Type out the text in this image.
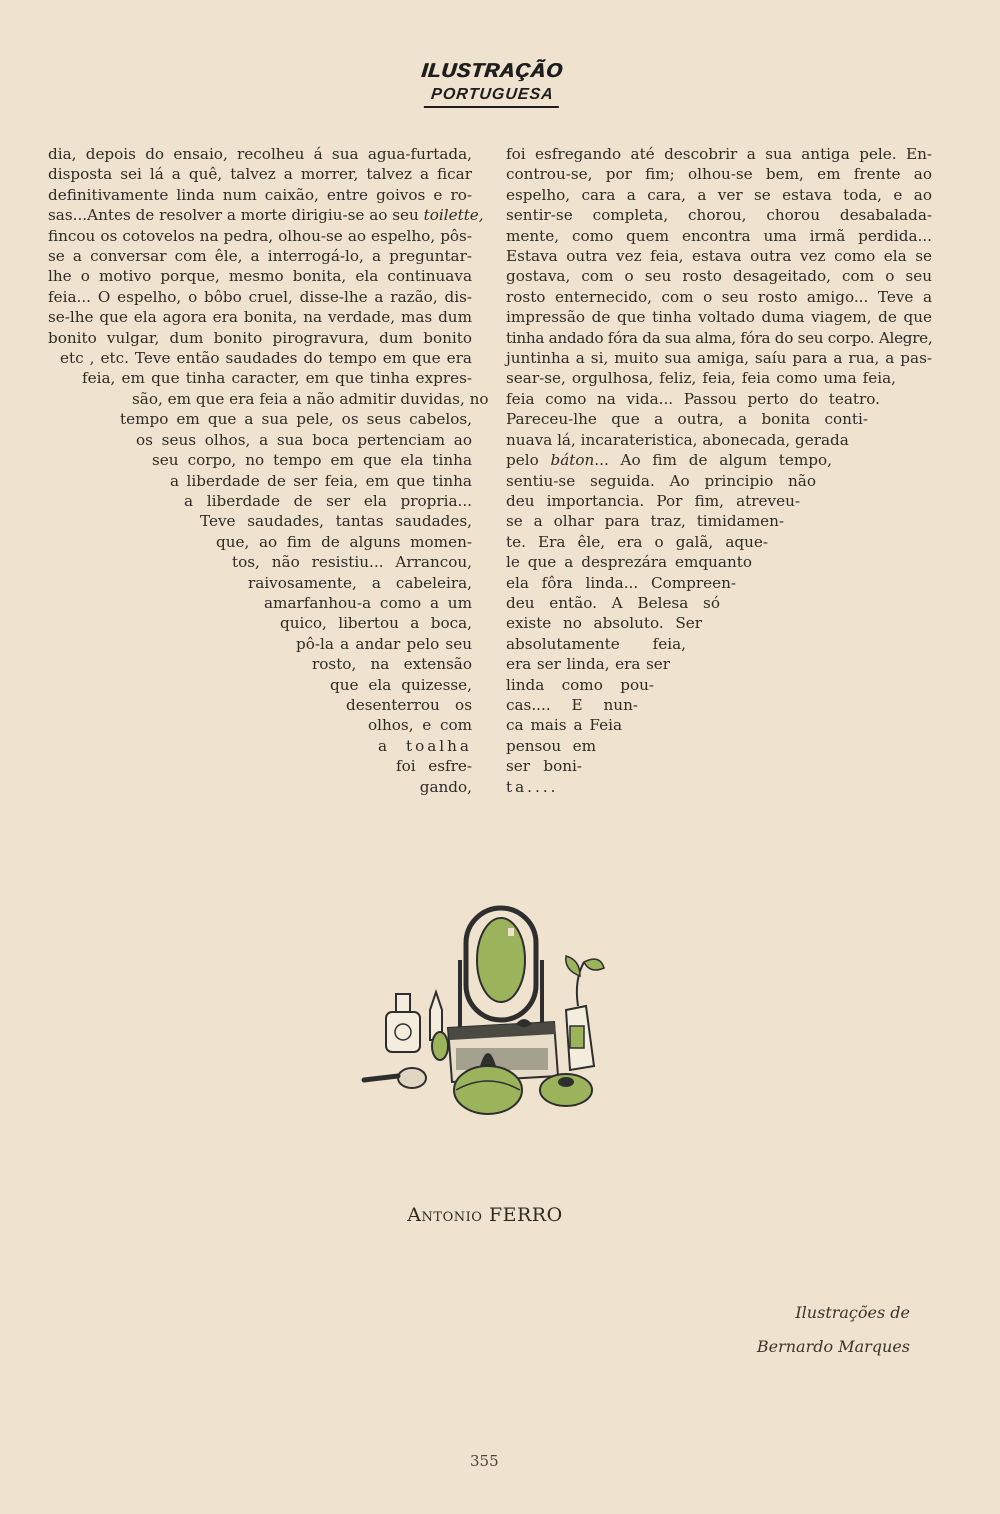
ILUSTRAÇÃO
PORTUGUESA
dia, depois do ensaio, recolheu á sua agua-furtada,
disposta sei lá a quê, talvez a morrer, talvez a ficar
definitivamente linda num caixão, entre goivos e ro-
sas...Antes de resolver a morte dirigiu-se ao seu toilette,
fincou os cotovelos na pedra, olhou-se ao espelho, pôs-
se a conversar com êle, a interrogá-lo, a preguntar-
lhe o motivo porque, mesmo bonita, ela continuava
feia... O espelho, o bôbo cruel, disse-lhe a razão, dis-
se-lhe que ela agora era bonita, na verdade, mas dum
bonito vulgar, dum bonito pirogravura, dum bonito
etc , etc. Teve então saudades do tempo em que era
feia, em que tinha caracter, em que tinha expres-
são, em que era feia a não admitir duvidas, no
tempo em que a sua pele, os seus cabelos,
os seus olhos, a sua boca pertenciam ao
seu corpo, no tempo em que ela tinha
a liberdade de ser feia, em que tinha
a liberdade de ser ela propria...
Teve saudades, tantas saudades,
que, ao fim de alguns momen-
tos, não resistiu... Arrancou,
raivosamente, a cabeleira,
amarfanhou-a como a um
quico, libertou a boca,
pô-la a andar pelo seu
rosto, na extensão
que ela quizesse,
desenterrou os
olhos, e com
a toalha
foi esfre-
gando,
foi esfregando até descobrir a sua antiga pele. En-
controu-se, por fim; olhou-se bem, em frente ao
espelho, cara a cara, a ver se estava toda, e ao
sentir-se completa, chorou, chorou desabalada-
mente, como quem encontra uma irmã perdida...
Estava outra vez feia, estava outra vez como ela se
gostava, com o seu rosto desageitado, com o seu
rosto enternecido, com o seu rosto amigo... Teve a
impressão de que tinha voltado duma viagem, de que
tinha andado fóra da sua alma, fóra do seu corpo. Alegre,
juntinha a si, muito sua amiga, saíu para a rua, a pas-
sear-se, orgulhosa, feliz, feia, feia como uma feia,
feia como na vida... Passou perto do teatro.
Pareceu-lhe que a outra, a bonita conti-
nuava lá, incarateristica, abonecada, gerada
pelo báton... Ao fim de algum tempo,
sentiu-se seguida. Ao principio não
deu importancia. Por fim, atreveu-
se a olhar para traz, timidamen-
te. Era êle, era o galã, aque-
le que a desprezára emquanto
ela fôra linda... Compreen-
deu então. A Belesa só
existe no absoluto. Ser
absolutamente feia,
era ser linda, era ser
linda como pou-
cas.... E nun-
ca mais a Feia
pensou em
ser boni-
ta....
Antonio FERRO
Ilustrações de
Bernardo Marques
355
